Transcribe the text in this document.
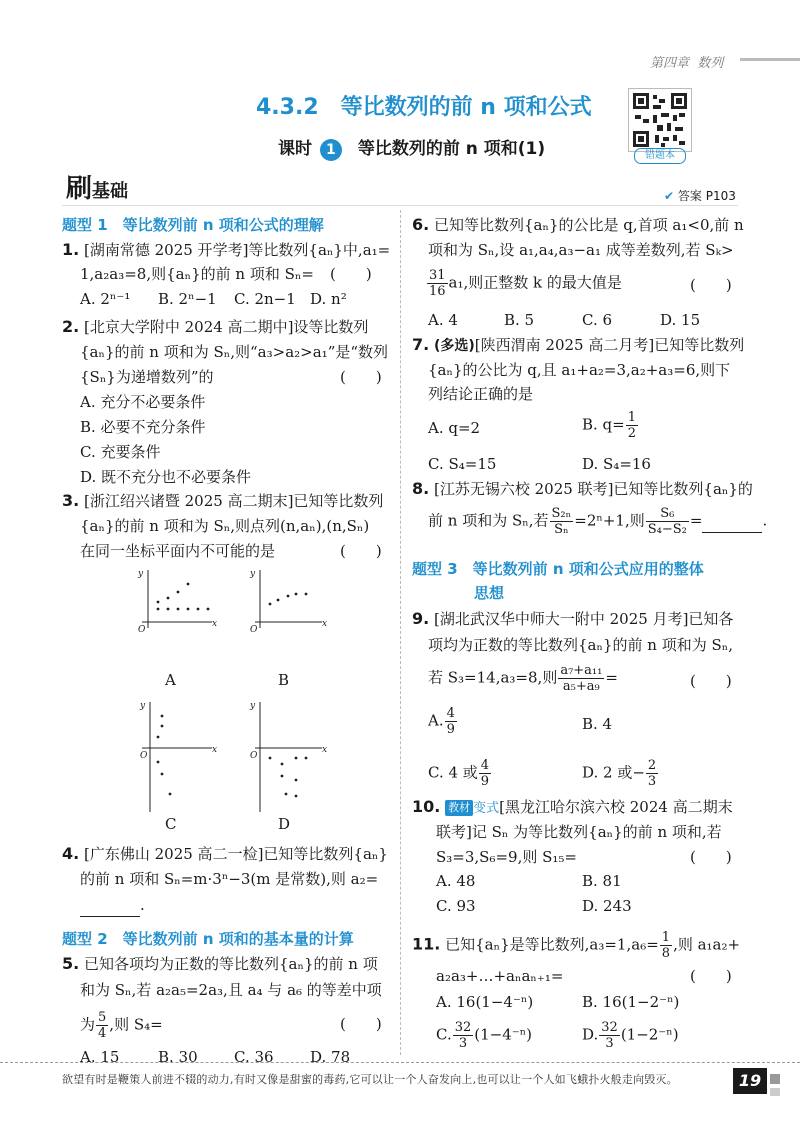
第四章 数列
4.3.2　等比数列的前 n 项和公式
课时 1 等比数列的前 n 项和(1)	错题本
刷基础	✔ 答案 P103
题型 1　等比数列前 n 项和公式的理解
1. [湖南常德 2025 开学考]等比数列{aₙ}中,a₁=
1,a₂a₃=8,则{aₙ}的前 n 项和 Sₙ= (　　)
A. 2ⁿ⁻¹ B. 2ⁿ−1 C. 2n−1 D. n²
2. [北京大学附中 2024 高二期中]设等比数列
{aₙ}的前 n 项和为 Sₙ,则“a₃>a₂>a₁”是“数列
{Sₙ}为递增数列”的	(　　)
A. 充分不必要条件
B. 必要不充分条件
C. 充要条件
D. 既不充分也不必要条件
3. [浙江绍兴诸暨 2025 高二期末]已知等比数列
{aₙ}的前 n 项和为 Sₙ,则点列(n,aₙ),(n,Sₙ)
在同一坐标平面内不可能的是	(　　)
y
x
O
y
x
O
y
x
O
y
x
O
A	B
C	D
4. [广东佛山 2025 高二一检]已知等比数列{aₙ}
的前 n 项和 Sₙ=m·3ⁿ−3(m 是常数),则 a₂=
.
题型 2　等比数列前 n 项和的基本量的计算
5. 已知各项均为正数的等比数列{aₙ}的前 n 项
和为 Sₙ,若 a₂a₅=2a₃,且 a₄ 与 a₆ 的等差中项
为 $\frac{5}{4}$ ,则 S₄=	(　　)
A. 15	B. 30 C. 36 D. 78
6. 已知等比数列{aₙ}的公比是 q,首项 a₁<0,前 n
项和为 Sₙ,设 a₁,a₄,a₃−a₁ 成等差数列,若 Sₖ>
$\frac{31}{16} a_1$,则正整数 k 的最大值是	(　　)
A. 4	B. 5	C. 6	D. 15
7. (多选)[陕西渭南 2025 高二月考]已知等比数列
{aₙ}的公比为 q,且 a₁+a₂=3,a₂+a₃=6,则下
列结论正确的是
A. q=2	B. $q= \frac{1}{2}$
C. S₄=15	D. S₄=16
8. [江苏无锡六校 2025 联考]已知等比数列{aₙ}的
前 n 项和为 Sₙ,若 $\frac{\text{S₂ₙ}}{\text{Sₙ}} =2^n+1$,则 $\frac{\text{S₆}}{\text{S₄−S₂}}$ =	.
题型 3　等比数列前 n 项和公式应用的整体
思想
9. [湖北武汉华中师大一附中 2025 月考]已知各
项均为正数的等比数列{aₙ}的前 n 项和为 Sₙ,
若 S₃=14,a₃=8,则 $\frac{\text{a₇+a₁₁}}{\text{a₅+a₉}}$ =	(　　)
A. $\frac{4}{9}$	B. 4
C. 4 或 $\frac{4}{9}$	D. 2 或− $\frac{2}{3}$
10. 教材 变式[黑龙江哈尔滨六校 2024 高二期末
联考]记 Sₙ 为等比数列{aₙ}的前 n 项和,若
S₃=3,S₆=9,则 S₁₅=	(　　)
A. 48	B. 81
C. 93	D. 243
11. 已知{aₙ}是等比数列$,a_3=1,a_6= \frac{1}{8}$ ,则 a₁a₂+
a₂a₃+…+aₙaₙ₊₁=	(　　)
A. 16(1−4⁻ⁿ)	B. 16(1−2⁻ⁿ)
C. $\frac{32}{3} (1-4^{-n})$	D. $\frac{32}{3} (1-2^{-n})$
欲望有时是鞭策人前进不辍的动力,有时又像是甜蜜的毒药,它可以让一个人奋发向上,也可以让一个人如飞蛾扑火般走向毁灭。	19
